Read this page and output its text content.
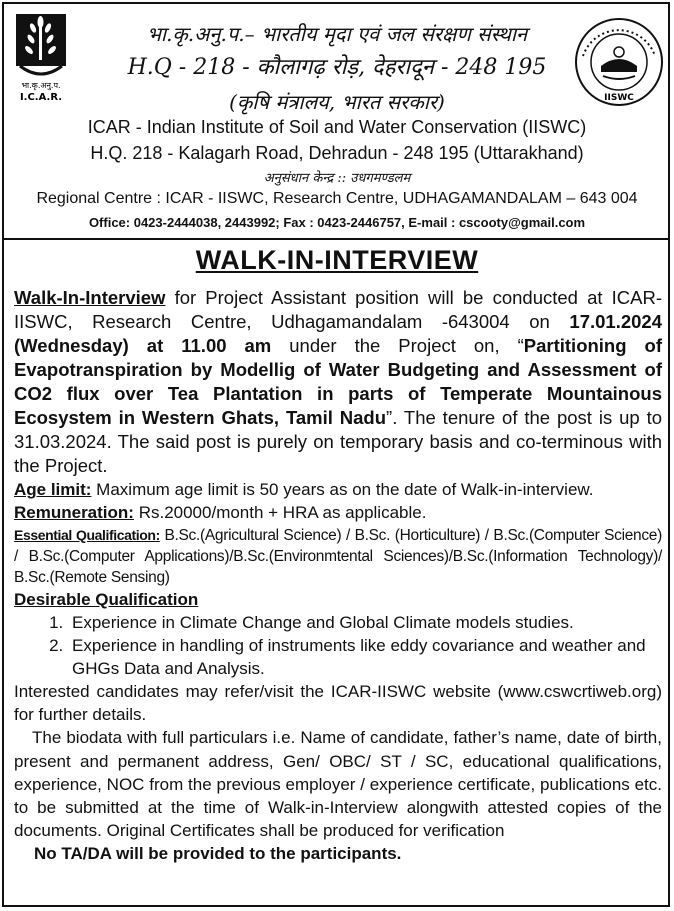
भा.कृ.अनु.प.
I.C.A.R.	IISWC
भा.कृ.अनु.प.– भारतीय मृदा एवं जल संरक्षण संस्थान
H.Q - 218 - कौलागढ़ रोड़, देहरादून - 248 195
(कृषि मंत्रालय, भारत सरकार)
ICAR - Indian Institute of Soil and Water Conservation (IISWC)
H.Q. 218 - Kalagarh Road, Dehradun - 248 195 (Uttarakhand)
अनुसंधान केन्द्र :: उधगमण्डलम
Regional Centre : ICAR - IISWC, Research Centre, UDHAGAMANDALAM – 643 004
Office: 0423-2444038, 2443992; Fax : 0423-2446757, E-mail : cscooty@gmail.com
WALK-IN-INTERVIEW

Walk-In-Interview for Project Assistant position will be conducted at ICAR-IISWC, Research Centre, Udhagamandalam -643004 on 17.01.2024 (Wednesday) at 11.00 am under the Project on, “Partitioning of Evapotranspiration by Modellig of Water Budgeting and Assessment of CO2 flux over Tea Plantation in parts of Temperate Mountainous Ecosystem in Western Ghats, Tamil Nadu”. The tenure of the post is up to 31.03.2024. The said post is purely on temporary basis and co-terminous with the Project.

Age limit: Maximum age limit is 50 years as on the date of Walk-in-interview.

Remuneration: Rs.20000/month + HRA as applicable.

Essential Qualification: B.Sc.(Agricultural Science) / B.Sc. (Horticulture) / B.Sc.(Computer Science) / B.Sc.(Computer Applications)/B.Sc.(Environmtental Sciences)/B.Sc.(Information Technology)/ B.Sc.(Remote Sensing)

Desirable Qualification

1. Experience in Climate Change and Global Climate models studies.
2. Experience in handling of instruments like eddy covariance and weather and GHGs Data and Analysis.

Interested candidates may refer/visit the ICAR-IISWC website (www.cswcrtiweb.org) for further details.

The biodata with full particulars i.e. Name of candidate, father’s name, date of birth, present and permanent address, Gen/ OBC/ ST / SC, educational qualifications, experience, NOC from the previous employer / experience certificate, publications etc. to be submitted at the time of Walk-in-Interview alongwith attested copies of the documents. Original Certificates shall be produced for verification

No TA/DA will be provided to the participants.
